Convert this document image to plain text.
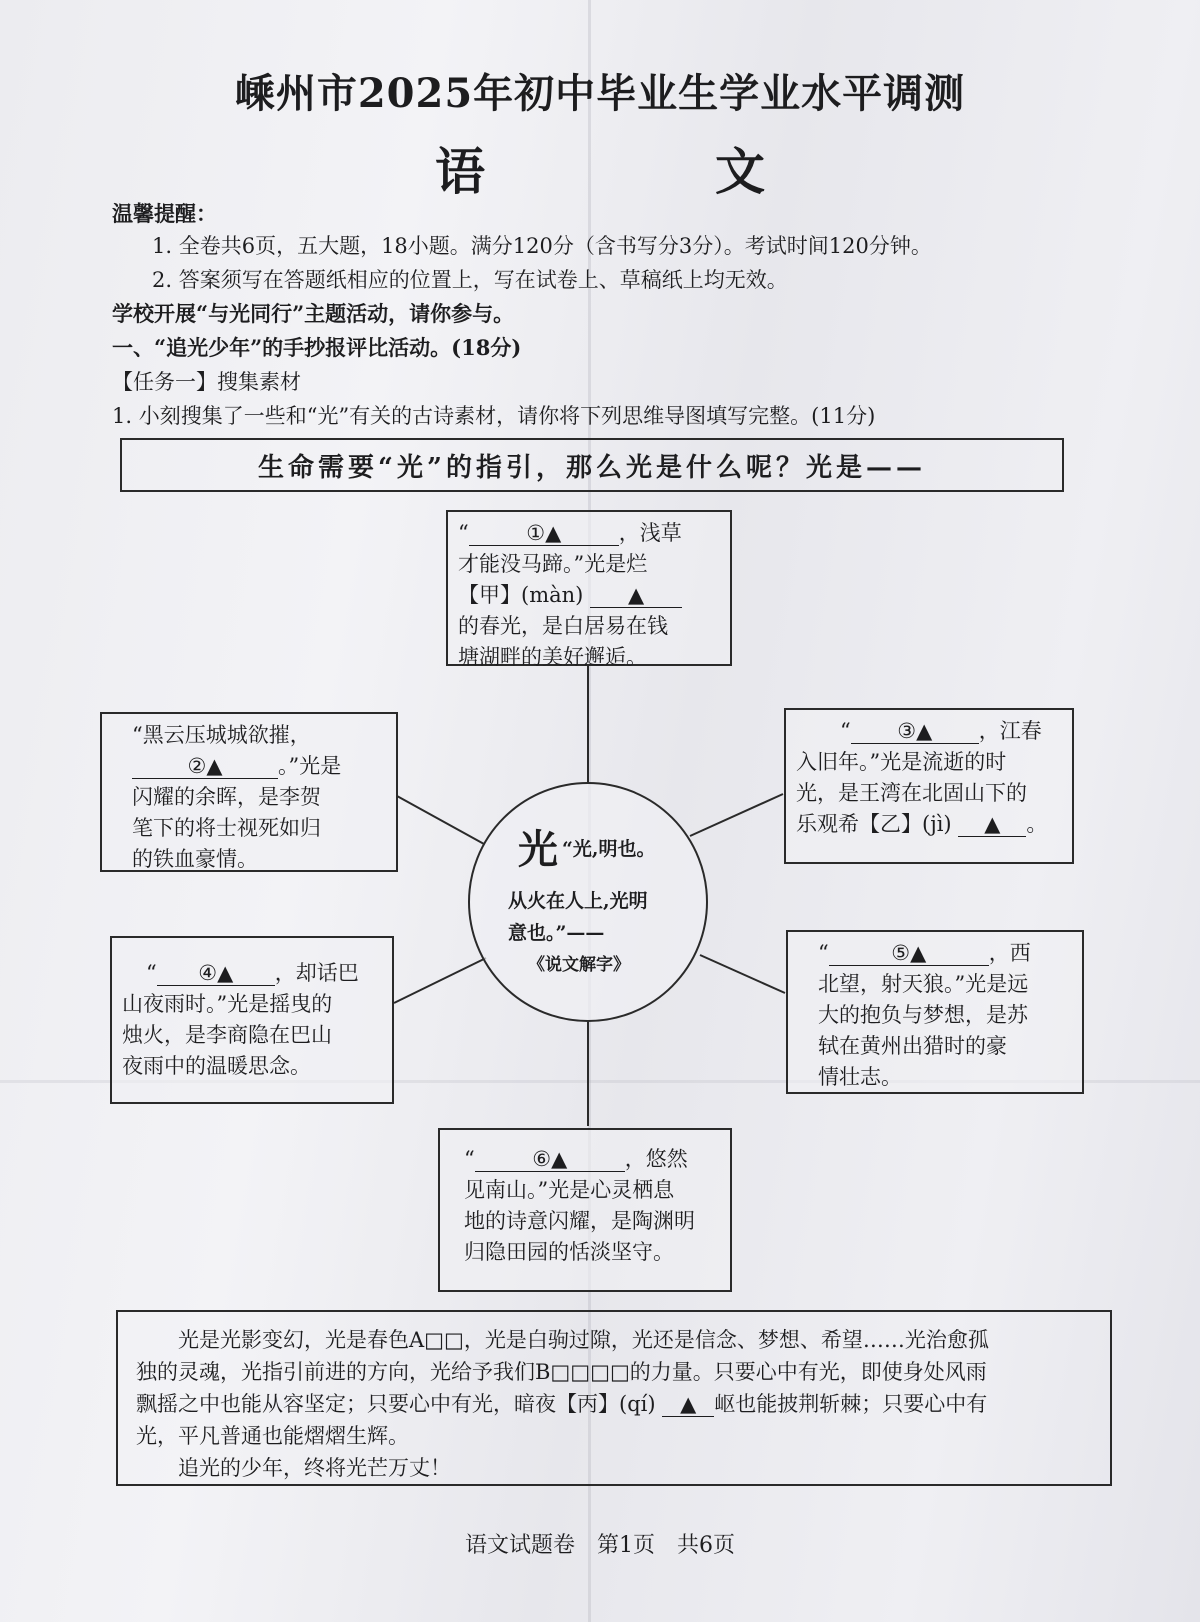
嵊州市2025年初中毕业生学业水平调测
语　文
温馨提醒：
1. 全卷共6页，五大题，18小题。满分120分（含书写分3分）。考试时间120分钟。
2. 答案须写在答题纸相应的位置上，写在试卷上、草稿纸上均无效。
学校开展“与光同行”主题活动，请你参与。
一、“追光少年”的手抄报评比活动。(18分)
【任务一】搜集素材
1. 小刻搜集了一些和“光”有关的古诗素材，请你将下列思维导图填写完整。(11分)
生命需要“光”的指引，那么光是什么呢？光是——
“	①▲	，浅草
才能没马蹄。”光是烂
【甲】(màn) ▲
的春光，是白居易在钱
塘湖畔的美好邂逅。
“黑云压城城欲摧，
②▲	。”光是
闪耀的余晖，是李贺
笔下的将士视死如归
的铁血豪情。
“ ③▲ ，江春
入旧年。”光是流逝的时
光，是王湾在北固山下的
乐观希【乙】(jì) ▲ 。
光 “光,明也。
从火在人上,光明
意也。”——
《说文解字》
“ ④▲ ，却话巴
山夜雨时。”光是摇曳的
烛火，是李商隐在巴山
夜雨中的温暖思念。
“	⑤▲	，西
北望，射天狼。”光是远
大的抱负与梦想，是苏
轼在黄州出猎时的豪
情壮志。
“	⑥▲	，悠然
见南山。”光是心灵栖息
地的诗意闪耀，是陶渊明
归隐田园的恬淡坚守。
光是光影变幻，光是春色A□□，光是白驹过隙，光还是信念、梦想、希望……光治愈孤
独的灵魂，光指引前进的方向，光给予我们B□□□□的力量。只要心中有光，即使身处风雨
飘摇之中也能从容坚定；只要心中有光，暗夜【丙】(qí) ▲ 岖也能披荆斩棘；只要心中有
光，平凡普通也能熠熠生辉。
追光的少年，终将光芒万丈！
语文试题卷　第1页　共6页
